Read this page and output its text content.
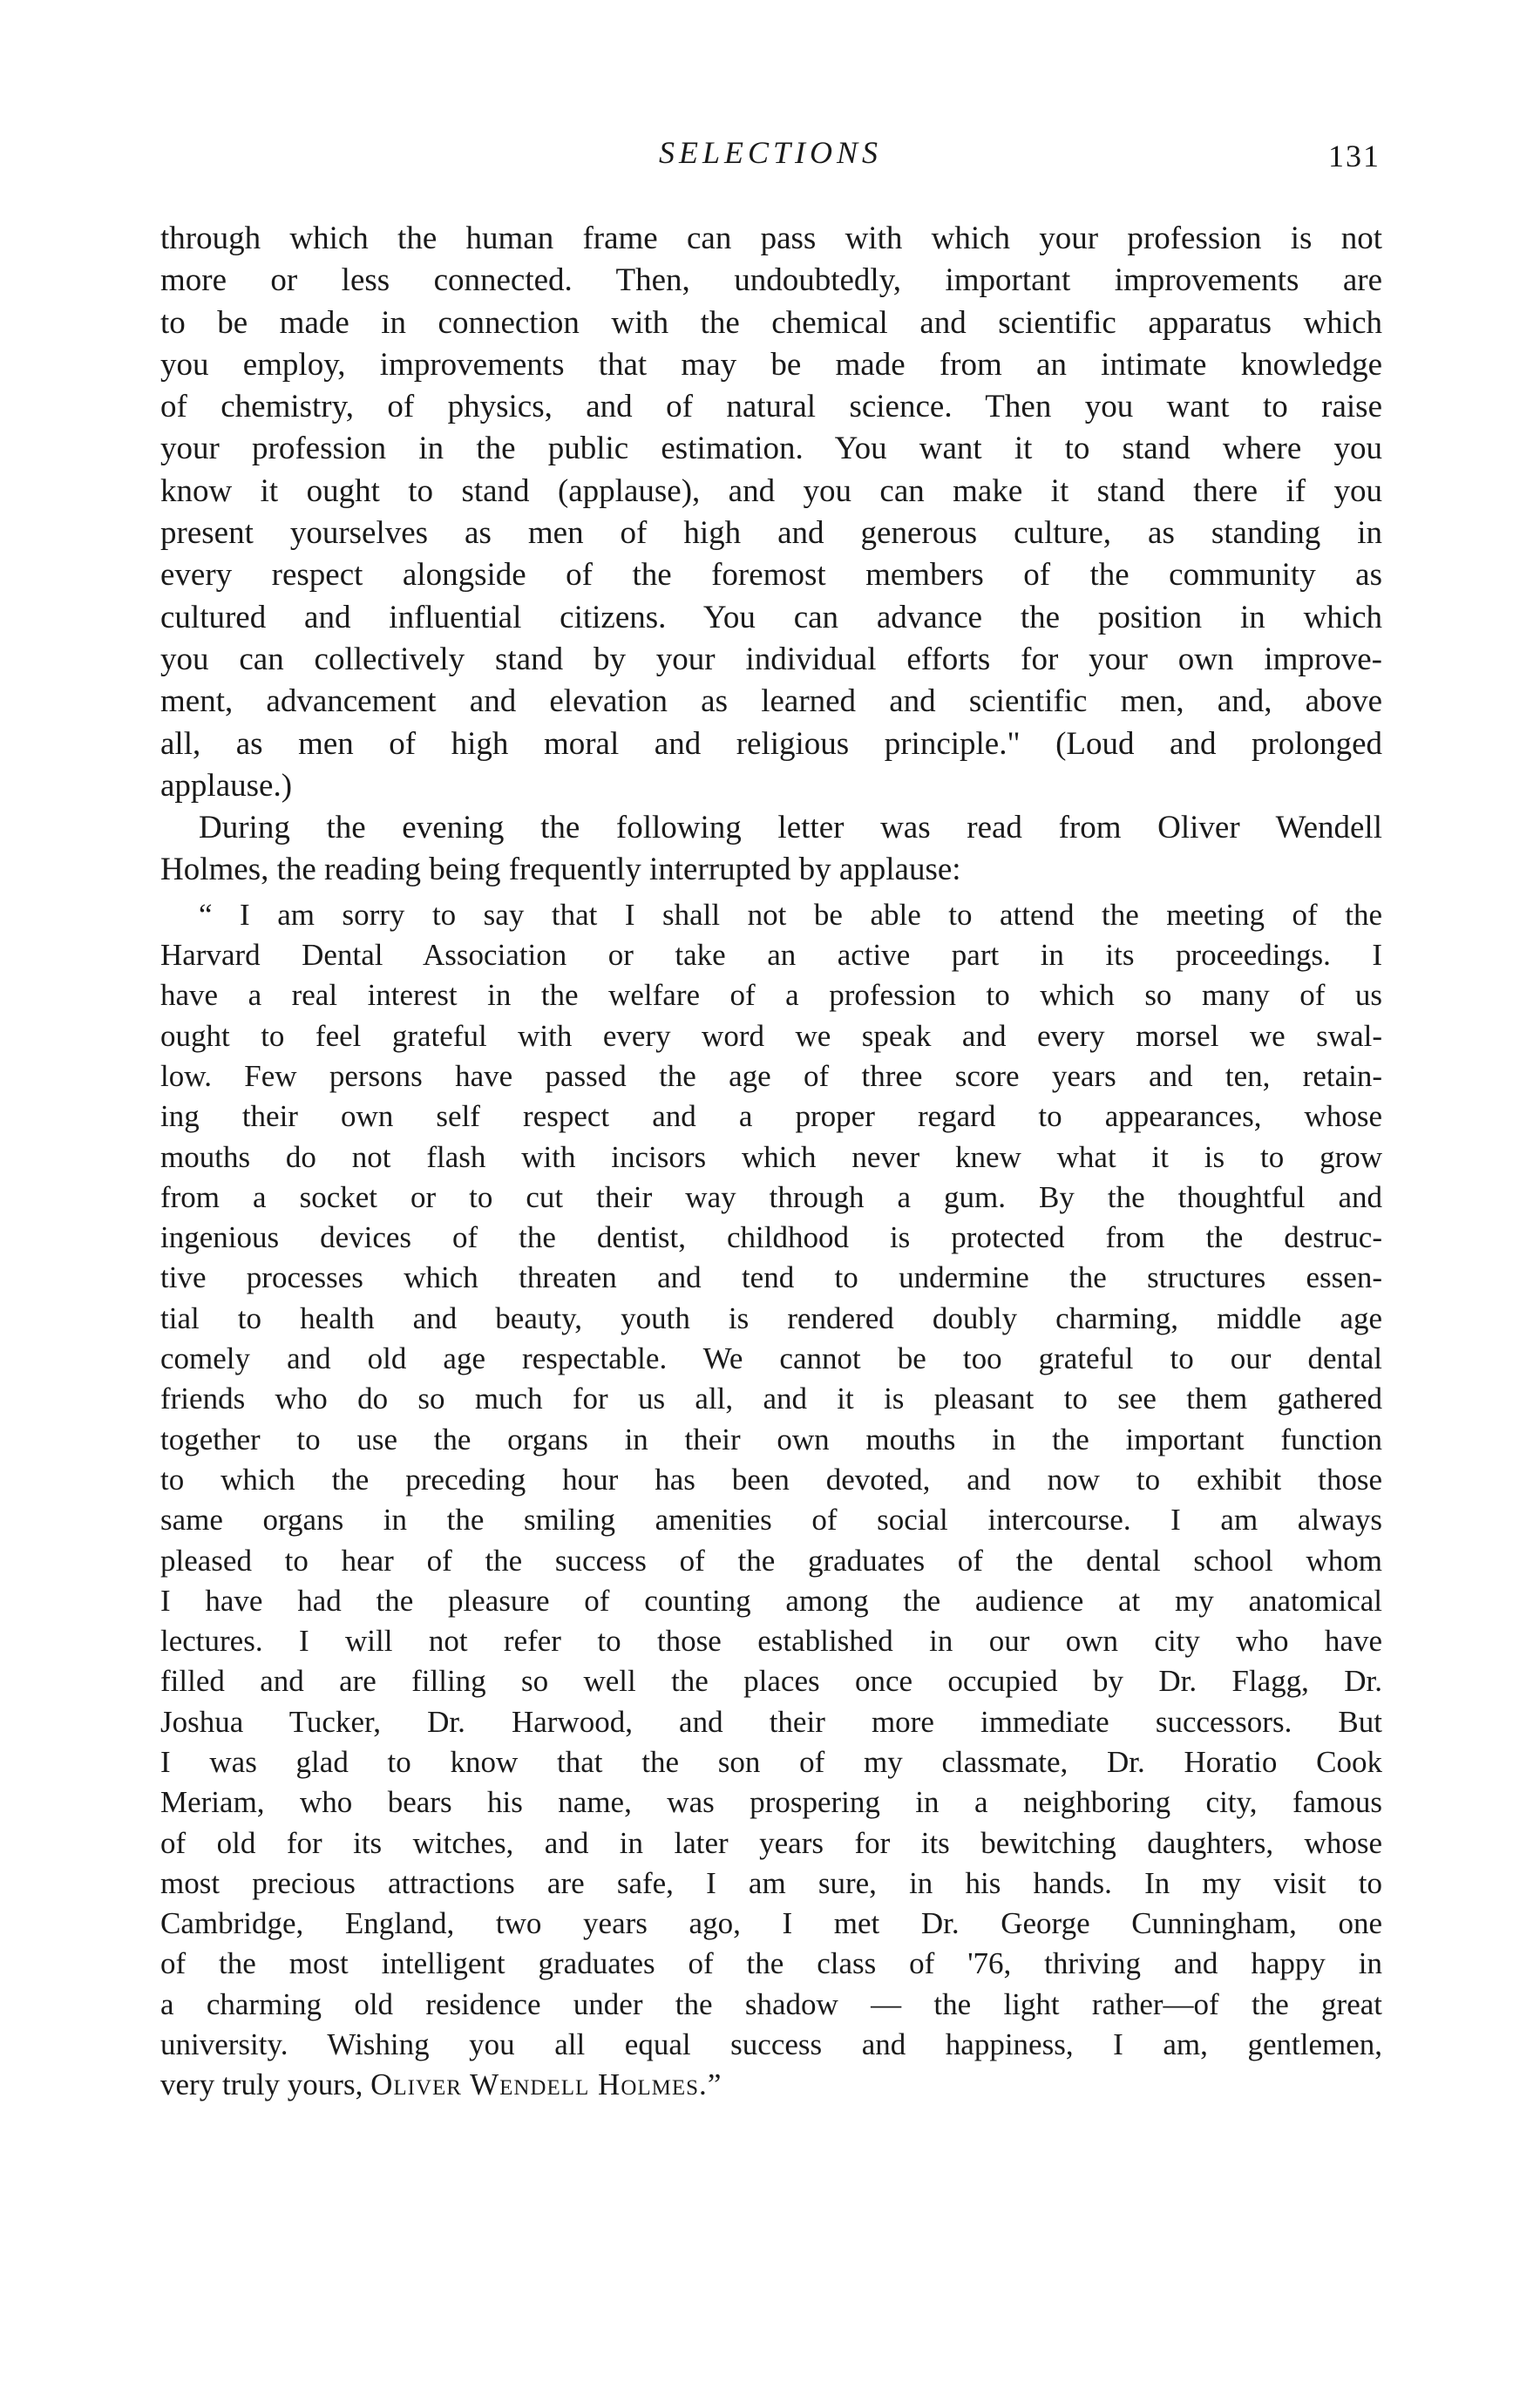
SELECTIONS	131
through which the human frame can pass with which your profession is not
more or less connected. Then, undoubtedly, important improvements are
to be made in connection with the chemical and scientific apparatus which
you employ, improvements that may be made from an intimate knowledge
of chemistry, of physics, and of natural science. Then you want to raise
your profession in the public estimation. You want it to stand where you
know it ought to stand (applause), and you can make it stand there if you
present yourselves as men of high and generous culture, as standing in
every respect alongside of the foremost members of the community as
cultured and influential citizens. You can advance the position in which
you can collectively stand by your individual efforts for your own improve-
ment, advancement and elevation as learned and scientific men, and, above
all, as men of high moral and religious principle." (Loud and prolonged
applause.)
During the evening the following letter was read from Oliver Wendell
Holmes, the reading being frequently interrupted by applause:
“ I am sorry to say that I shall not be able to attend the meeting of the
Harvard Dental Association or take an active part in its proceedings. I
have a real interest in the welfare of a profession to which so many of us
ought to feel grateful with every word we speak and every morsel we swal-
low. Few persons have passed the age of three score years and ten, retain-
ing their own self respect and a proper regard to appearances, whose
mouths do not flash with incisors which never knew what it is to grow
from a socket or to cut their way through a gum. By the thoughtful and
ingenious devices of the dentist, childhood is protected from the destruc-
tive processes which threaten and tend to undermine the structures essen-
tial to health and beauty, youth is rendered doubly charming, middle age
comely and old age respectable. We cannot be too grateful to our dental
friends who do so much for us all, and it is pleasant to see them gathered
together to use the organs in their own mouths in the important function
to which the preceding hour has been devoted, and now to exhibit those
same organs in the smiling amenities of social intercourse. I am always
pleased to hear of the success of the graduates of the dental school whom
I have had the pleasure of counting among the audience at my anatomical
lectures. I will not refer to those established in our own city who have
filled and are filling so well the places once occupied by Dr. Flagg, Dr.
Joshua Tucker, Dr. Harwood, and their more immediate successors. But
I was glad to know that the son of my classmate, Dr. Horatio Cook
Meriam, who bears his name, was prospering in a neighboring city, famous
of old for its witches, and in later years for its bewitching daughters, whose
most precious attractions are safe, I am sure, in his hands. In my visit to
Cambridge, England, two years ago, I met Dr. George Cunningham, one
of the most intelligent graduates of the class of '76, thriving and happy in
a charming old residence under the shadow — the light rather—of the great
university. Wishing you all equal success and happiness, I am, gentlemen,
very truly yours, Oliver Wendell Holmes.”
